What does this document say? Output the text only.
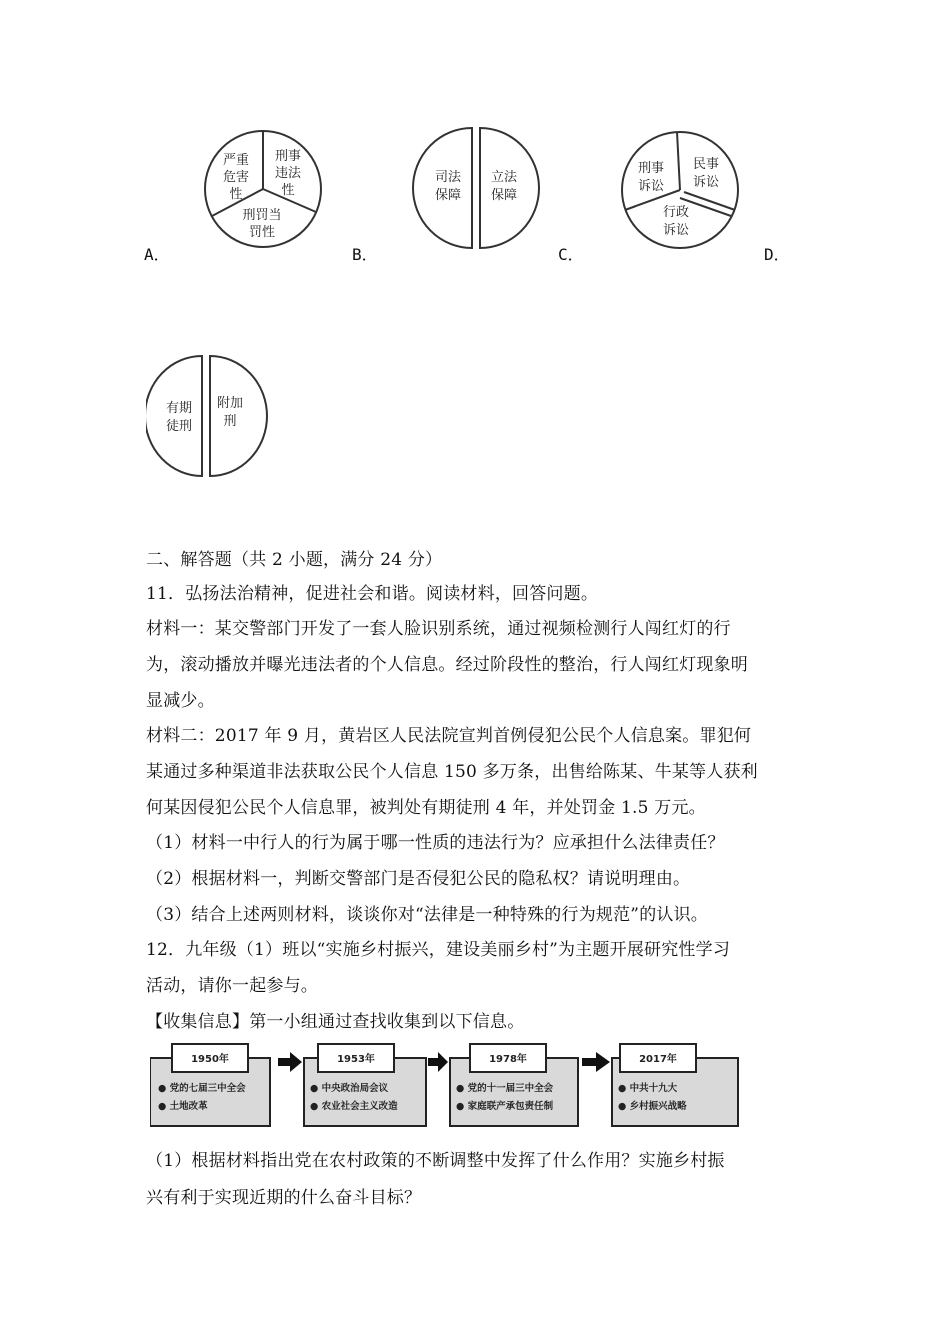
严重
危害
性
刑事
违法
性
刑罚当
罚性
A．
司法
保障
立法
保障
B．
刑事
诉讼
民事
诉讼
行政
诉讼
C．	D．
有期
徒刑
附加
刑
二、解答题（共 2 小题，满分 24 分）
11．弘扬法治精神，促进社会和谐。阅读材料，回答问题。
材料一：某交警部门开发了一套人脸识别系统，通过视频检测行人闯红灯的行
为，滚动播放并曝光违法者的个人信息。经过阶段性的整治，行人闯红灯现象明
显减少。
材料二：2017 年 9 月，黄岩区人民法院宣判首例侵犯公民个人信息案。罪犯何
某通过多种渠道非法获取公民个人信息 150 多万条，出售给陈某、牛某等人获利
何某因侵犯公民个人信息罪，被判处有期徒刑 4 年，并处罚金 1.5 万元。
（1）材料一中行人的行为属于哪一性质的违法行为？应承担什么法律责任？
（2）根据材料一，判断交警部门是否侵犯公民的隐私权？请说明理由。
（3）结合上述两则材料，谈谈你对“法律是一种特殊的行为规范”的认识。
12．九年级（1）班以“实施乡村振兴，建设美丽乡村”为主题开展研究性学习
活动，请你一起参与。
【收集信息】第一小组通过查找收集到以下信息。
1950年
● 党的七届三中全会
● 土地改革
1953年
● 中央政治局会议
● 农业社会主义改造
1978年
● 党的十一届三中全会
● 家庭联产承包责任制
2017年
● 中共十九大
● 乡村振兴战略
（1）根据材料指出党在农村政策的不断调整中发挥了什么作用？实施乡村振
兴有利于实现近期的什么奋斗目标？
